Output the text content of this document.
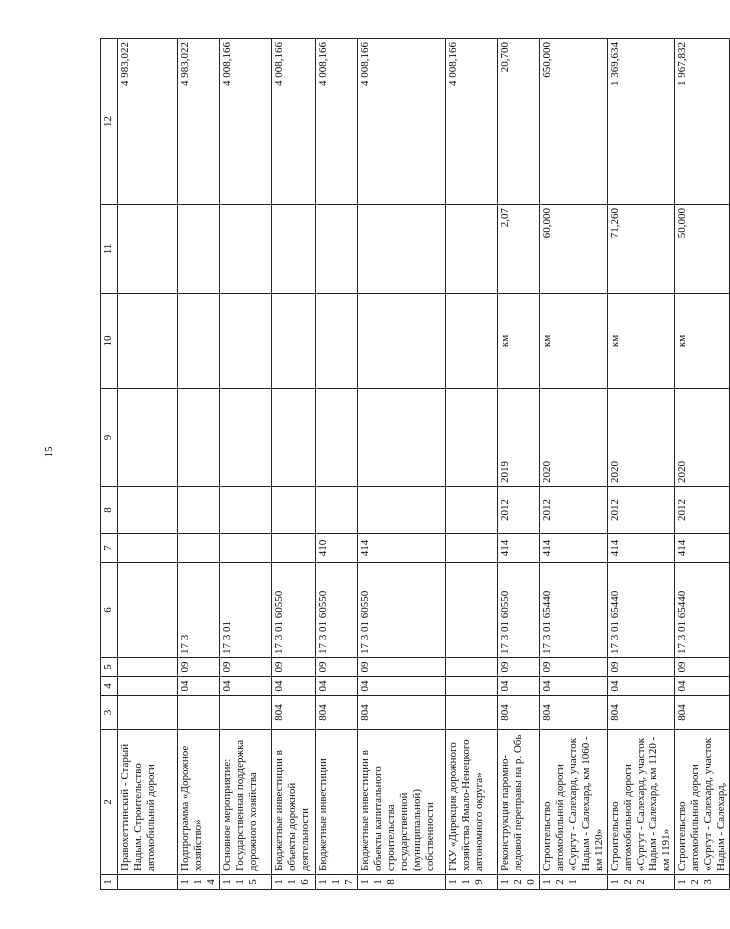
15
1	2	3	4	5	6	7	8	9	10	11	12
	Правохеттинский - Старый Надым. Строительство автомобильной дороги										4 983,022
114	Подпрограмма «Дорожное хозяйство»		04	09	17 3						4 983,022
115	Основное мероприятие: Государственная поддержка дорожного хозяйства		04	09	17 3 01						4 008,166
116	Бюджетные инвестиции в объекты дорожной деятельности	804	04	09	17 3 01 60550						4 008,166
117	Бюджетные инвестиции	804	04	09	17 3 01 60550	410					4 008,166
118	Бюджетные инвестиции в объекты капитального строительства государственной (муниципальной) собственности	804	04	09	17 3 01 60550	414					4 008,166
119	ГКУ «Дирекция дорожного хозяйства Ямало-Ненецкого автономного округа»										4 008,166
120	Реконструкция паромно-ледовой переправы на р. Обь	804	04	09	17 3 01 60550	414	2012	2019	км	2,07	20,700
121	Строительство автомобильной дороги «Сургут - Салехард, участок Надым - Салехард, км 1060 - км 1120»	804	04	09	17 3 01 65440	414	2012	2020	км	60,000	650,000
122	Строительство автомобильной дороги «Сургут - Салехард, участок Надым - Салехард, км 1120 - км 1191»	804	04	09	17 3 01 65440	414	2012	2020	км	71,260	1 369,634
123	Строительство автомобильной дороги «Сургут - Салехард, участок Надым - Салехард,	804	04	09	17 3 01 65440	414	2012	2020	км	50,000	1 967,832
